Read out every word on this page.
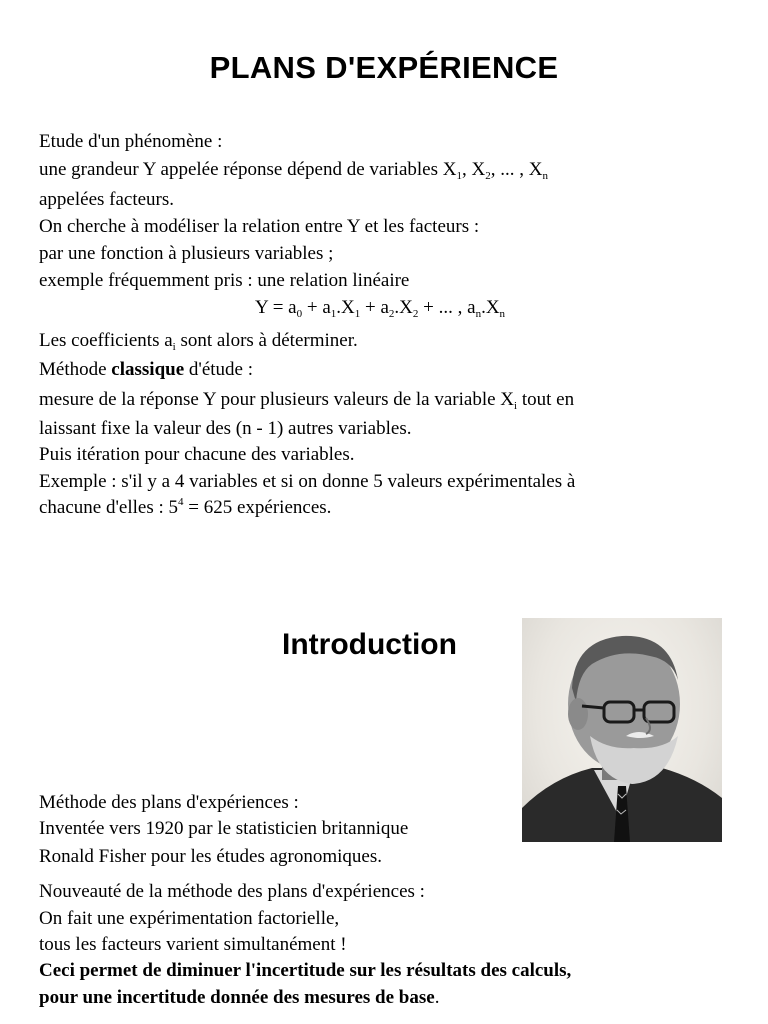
PLANS D'EXPÉRIENCE
Etude d'un phénomène :
une grandeur Y appelée réponse dépend de variables $X_1$, $X_2$, ... , $X_n$
appelées facteurs.
On cherche à modéliser la relation entre Y et les facteurs :
par une fonction à plusieurs variables ;
exemple fréquemment pris : une relation linéaire
$Y = a_0 + a_1.X_1 + a_2.X_2$ + ... , $a_n.X_n$
Les coefficients $a_i$ sont alors à déterminer.
Méthode classique d'étude :
mesure de la réponse Y pour plusieurs valeurs de la variable $X_i$ tout en
laissant fixe la valeur des (n - 1) autres variables.
Puis itération pour chacune des variables.
Exemple : s'il y a 4 variables et si on donne 5 valeurs expérimentales à
chacune d'elles : $5^4 = 625$ expériences.
Introduction
Méthode des plans d'expériences :
Inventée vers 1920 par le statisticien britannique
Ronald Fisher pour les études agronomiques.
Nouveauté de la méthode des plans d'expériences :
On fait une expérimentation factorielle,
tous les facteurs varient simultanément !
Ceci permet de diminuer l'incertitude sur les résultats des calculs,
pour une incertitude donnée des mesures de base.
